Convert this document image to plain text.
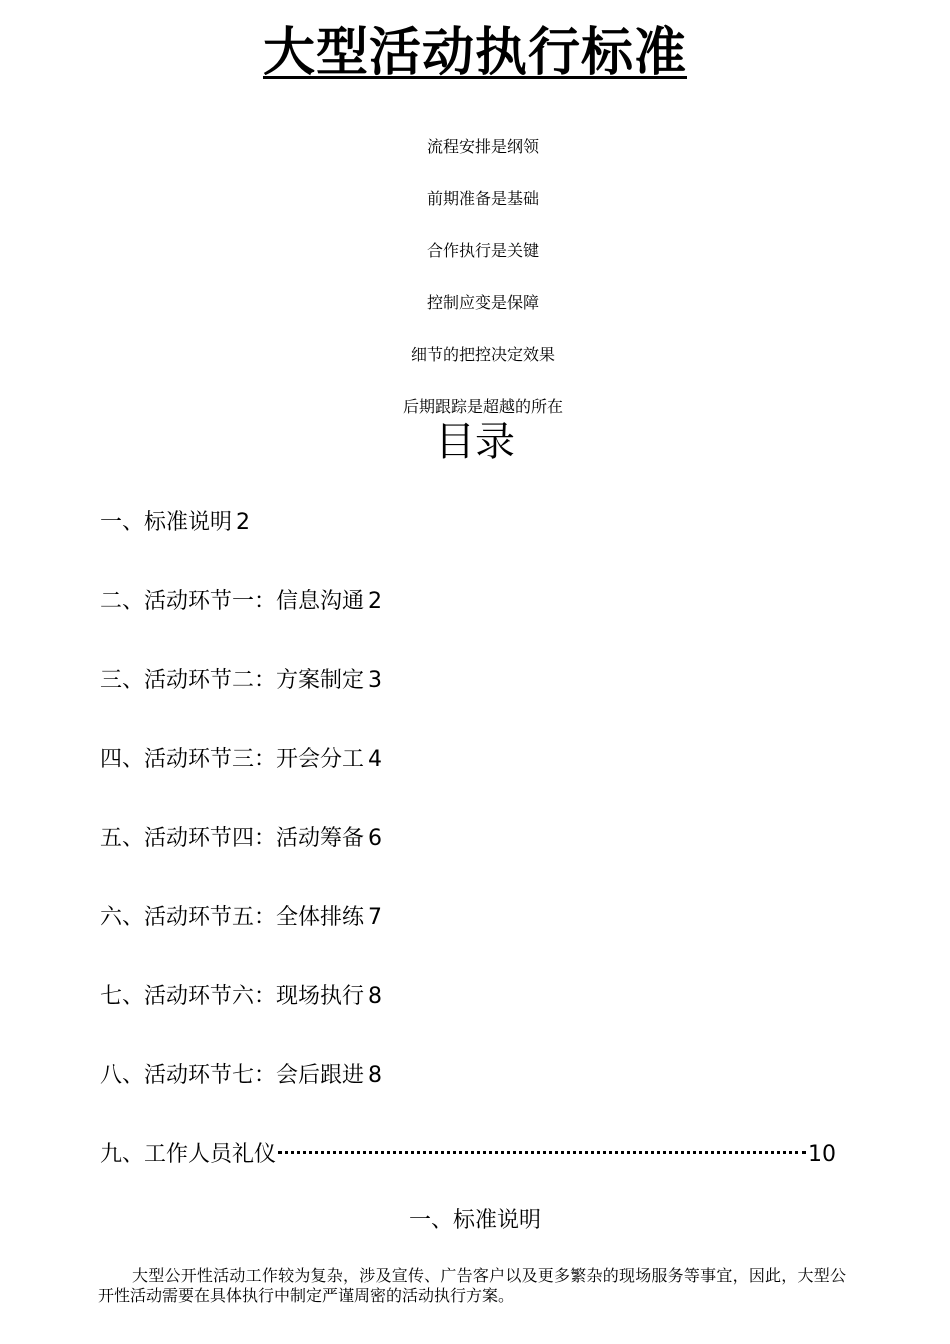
大型活动执行标准
流程安排是纲领
前期准备是基础
合作执行是关键
控制应变是保障
细节的把控决定效果
后期跟踪是超越的所在
目录
一、标准说明 2
二、活动环节一：信息沟通 2
三、活动环节二：方案制定 3
四、活动环节三：开会分工 4
五、活动环节四：活动筹备 6
六、活动环节五：全体排练 7
七、活动环节六：现场执行 8
八、活动环节七：会后跟进 8
九、工作人员礼仪	10
一、标准说明
大型公开性活动工作较为复杂，涉及宣传、广告客户以及更多繁杂的现场服务等事宜，因此，大型公开性活动需要在具体执行中制定严谨周密的活动执行方案。
